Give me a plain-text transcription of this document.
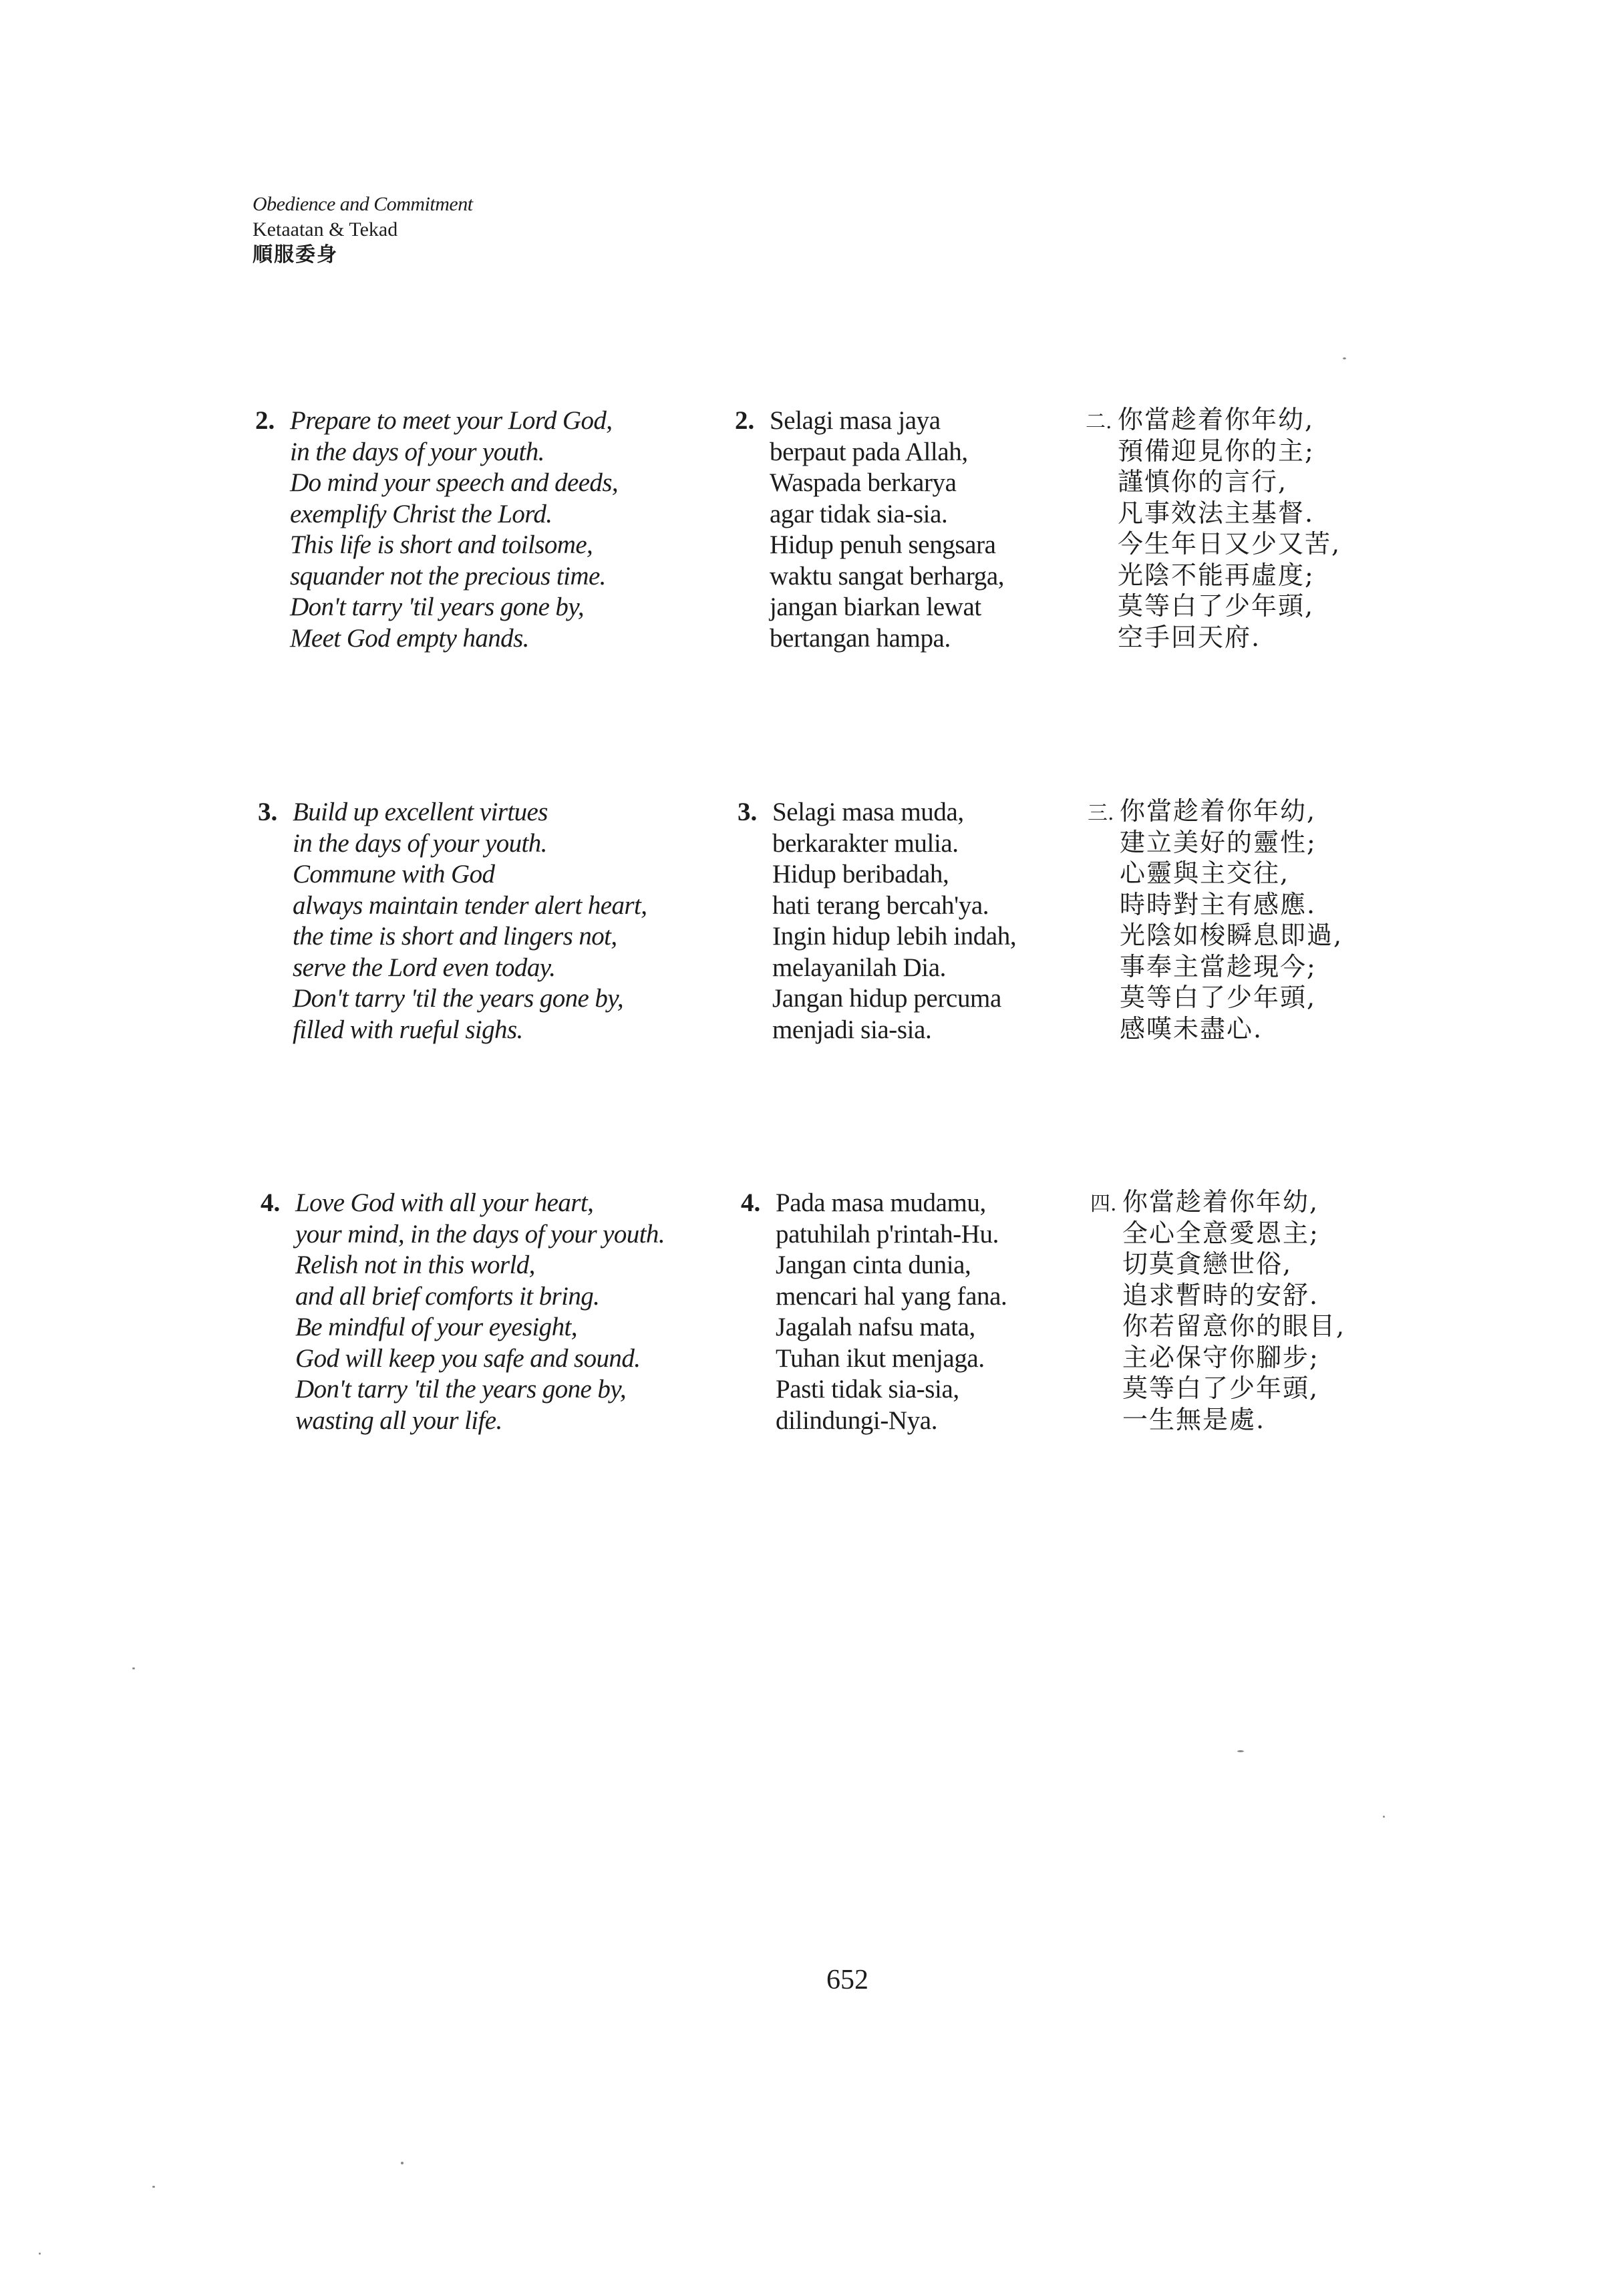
Obedience and Commitment
Ketaatan & Tekad
順服委身
2. Prepare to meet your Lord God,
in the days of your youth.
Do mind your speech and deeds,
exemplify Christ the Lord.
This life is short and toilsome,
squander not the precious time.
Don't tarry 'til years gone by,
Meet God empty hands.
2. Selagi masa jaya
berpaut pada Allah,
Waspada berkarya
agar tidak sia-sia.
Hidup penuh sengsara
waktu sangat berharga,
jangan biarkan lewat
bertangan hampa.
二. 你當趁着你年幼,
預備迎見你的主;
謹慎你的言行,
凡事效法主基督.
今生年日又少又苦,
光陰不能再虛度;
莫等白了少年頭,
空手回天府.
3. Build up excellent virtues
in the days of your youth.
Commune with God
always maintain tender alert heart,
the time is short and lingers not,
serve the Lord even today.
Don't tarry 'til the years gone by,
filled with rueful sighs.
3. Selagi masa muda,
berkarakter mulia.
Hidup beribadah,
hati terang bercah'ya.
Ingin hidup lebih indah,
melayanilah Dia.
Jangan hidup percuma
menjadi sia-sia.
三. 你當趁着你年幼,
建立美好的靈性;
心靈與主交往,
時時對主有感應.
光陰如梭瞬息即過,
事奉主當趁現今;
莫等白了少年頭,
感嘆未盡心.
4. Love God with all your heart,
your mind, in the days of your youth.
Relish not in this world,
and all brief comforts it bring.
Be mindful of your eyesight,
God will keep you safe and sound.
Don't tarry 'til the years gone by,
wasting all your life.
4. Pada masa mudamu,
patuhilah p'rintah-Hu.
Jangan cinta dunia,
mencari hal yang fana.
Jagalah nafsu mata,
Tuhan ikut menjaga.
Pasti tidak sia-sia,
dilindungi-Nya.
四. 你當趁着你年幼,
全心全意愛恩主;
切莫貪戀世俗,
追求暫時的安舒.
你若留意你的眼目,
主必保守你腳步;
莫等白了少年頭,
一生無是處.
652
